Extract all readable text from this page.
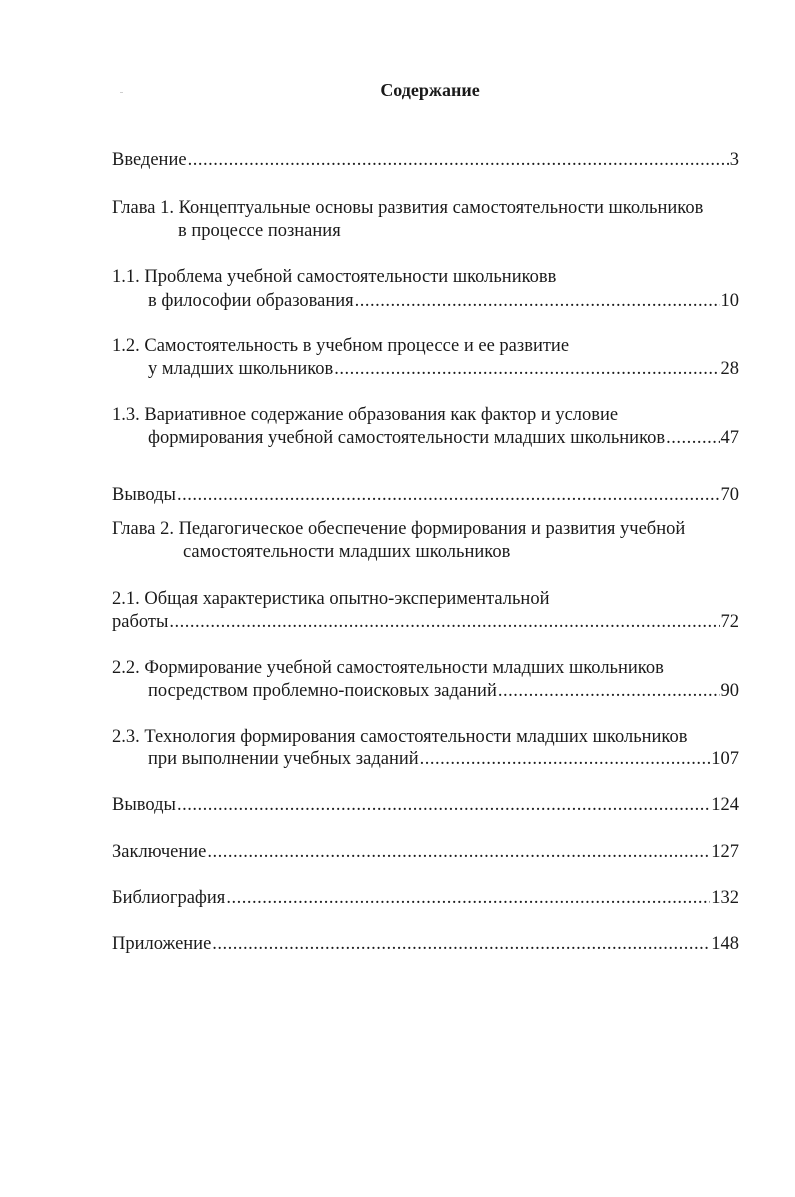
Содержание
Введение .....	3
Глава 1. Концептуальные основы развития самостоятельности школьников
в процессе познания
1.1. Проблема учебной самостоятельности школьниковв
в философии образования .....	10
1.2. Самостоятельность в учебном процессе и ее развитие
у младших школьников .....	28
1.3. Вариативное содержание образования как фактор и условие
формирования учебной самостоятельности младших школьников .....	47
Выводы .....	70
Глава 2. Педагогическое обеспечение формирования и развития учебной
самостоятельности младших школьников
2.1. Общая характеристика опытно-экспериментальной
работы .....	72
2.2. Формирование учебной самостоятельности младших школьников
посредством проблемно-поисковых заданий .....	90
2.3. Технология формирования самостоятельности младших школьников
при выполнении учебных заданий .....	107
Выводы .....	124
Заключение .....	127
Библиография .....	132
Приложение .....	148
